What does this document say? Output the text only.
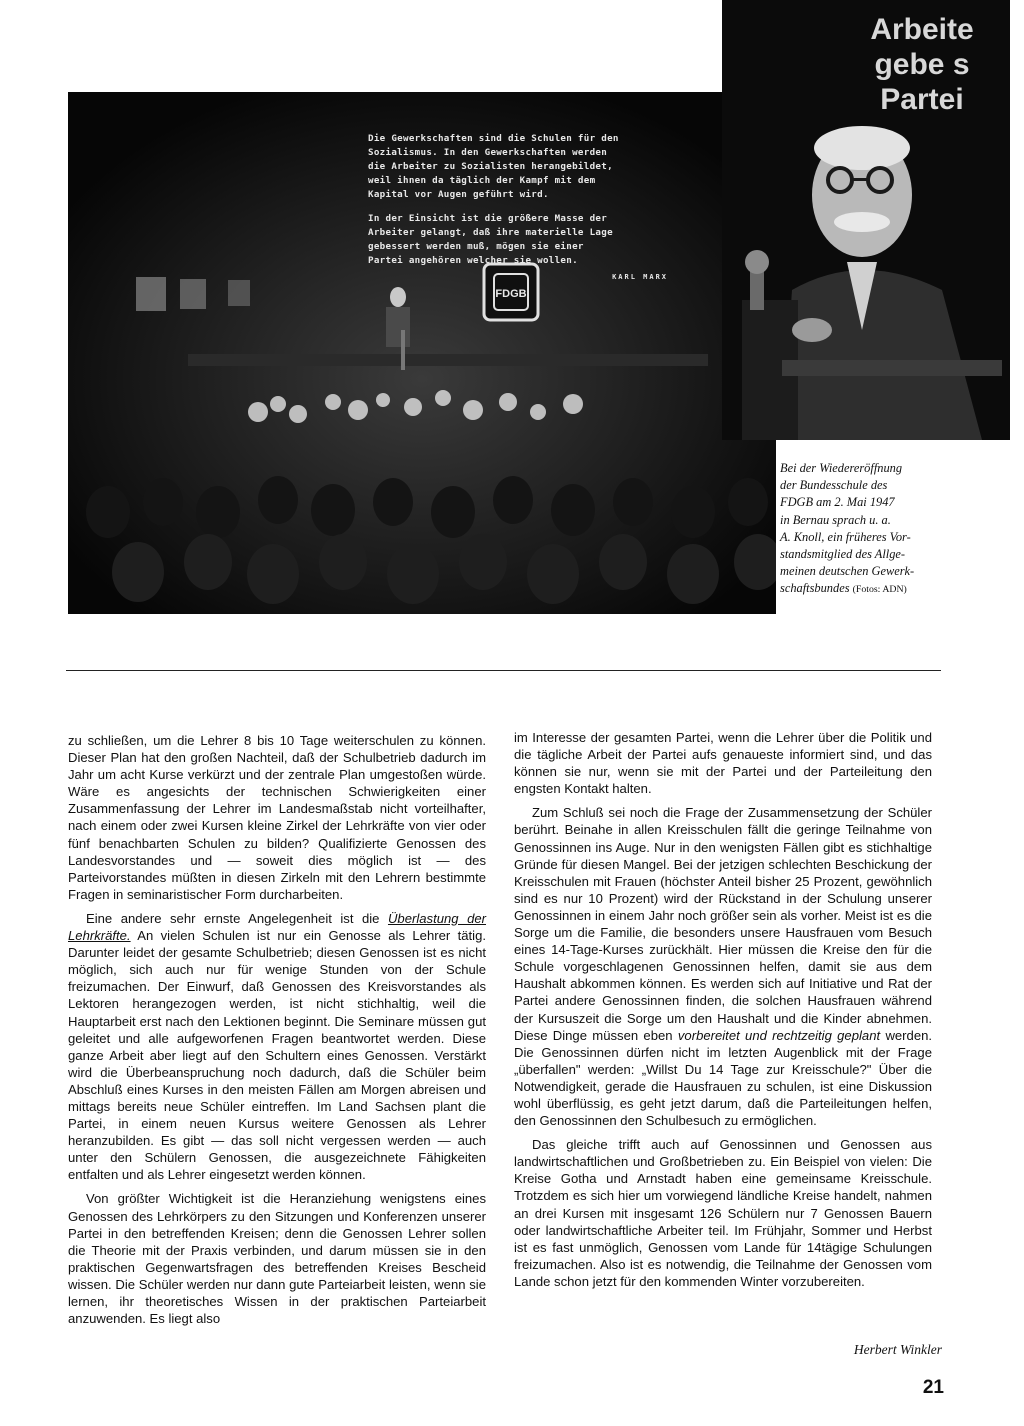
FDGB
Die Gewerkschaften sind die Schulen für den
Sozialismus. In den Gewerkschaften werden
die Arbeiter zu Sozialisten herangebildet,
weil ihnen da täglich der Kampf mit dem
Kapital vor Augen geführt wird.
In der Einsicht ist die größere Masse der
Arbeiter gelangt, daß ihre materielle Lage
gebessert werden muß, mögen sie einer
Partei angehören welcher sie wollen.
KARL MARX
Arbeite
gebe s
Partei
Bei der Wiedereröffnung
der Bundesschule des
FDGB am 2. Mai 1947
in Bernau sprach u. a.
A. Knoll, ein früheres Vor-
standsmitglied des Allge-
meinen deutschen Gewerk-
schaftsbundes (Fotos: ADN)

zu schließen, um die Lehrer 8 bis 10 Tage weiterschulen zu können. Dieser Plan hat den großen Nachteil, daß der Schulbetrieb dadurch im Jahr um acht Kurse verkürzt und der zentrale Plan umgestoßen würde. Wäre es angesichts der technischen Schwierigkeiten einer Zusammenfassung der Lehrer im Landesmaßstab nicht vorteilhafter, nach einem oder zwei Kursen kleine Zirkel der Lehrkräfte von vier oder fünf benachbarten Schulen zu bilden? Qualifizierte Genossen des Landesvorstandes und — soweit dies möglich ist — des Parteivorstandes müßten in diesen Zirkeln mit den Lehrern bestimmte Fragen in seminaristischer Form durcharbeiten.

Eine andere sehr ernste Angelegenheit ist die Überlastung der Lehrkräfte. An vielen Schulen ist nur ein Genosse als Lehrer tätig. Darunter leidet der gesamte Schulbetrieb; diesen Genossen ist es nicht möglich, sich auch nur für wenige Stunden von der Schule freizumachen. Der Einwurf, daß Genossen des Kreisvorstandes als Lektoren herangezogen werden, ist nicht stichhaltig, weil die Hauptarbeit erst nach den Lektionen beginnt. Die Seminare müssen gut geleitet und alle aufgeworfenen Fragen beantwortet werden. Diese ganze Arbeit aber liegt auf den Schultern eines Genossen. Verstärkt wird die Überbeanspruchung noch dadurch, daß die Schüler beim Abschluß eines Kurses in den meisten Fällen am Morgen abreisen und mittags bereits neue Schüler eintreffen. Im Land Sachsen plant die Partei, in einem neuen Kursus weitere Genossen als Lehrer heranzubilden. Es gibt — das soll nicht vergessen werden — auch unter den Schülern Genossen, die ausgezeichnete Fähigkeiten entfalten und als Lehrer eingesetzt werden können.

Von größter Wichtigkeit ist die Heranziehung wenigstens eines Genossen des Lehrkörpers zu den Sitzungen und Konferenzen unserer Partei in den betreffenden Kreisen; denn die Genossen Lehrer sollen die Theorie mit der Praxis verbinden, und darum müssen sie in den praktischen Gegenwartsfragen des betreffenden Kreises Bescheid wissen. Die Schüler werden nur dann gute Parteiarbeit leisten, wenn sie lernen, ihr theoretisches Wissen in der praktischen Parteiarbeit anzuwenden. Es liegt also

im Interesse der gesamten Partei, wenn die Lehrer über die Politik und die tägliche Arbeit der Partei aufs genaueste informiert sind, und das können sie nur, wenn sie mit der Partei und der Parteileitung den engsten Kontakt halten.

Zum Schluß sei noch die Frage der Zusammensetzung der Schüler berührt. Beinahe in allen Kreisschulen fällt die geringe Teilnahme von Genossinnen ins Auge. Nur in den wenigsten Fällen gibt es stichhaltige Gründe für diesen Mangel. Bei der jetzigen schlechten Beschickung der Kreisschulen mit Frauen (höchster Anteil bisher 25 Prozent, gewöhnlich sind es nur 10 Prozent) wird der Rückstand in der Schulung unserer Genossinnen in einem Jahr noch größer sein als vorher. Meist ist es die Sorge um die Familie, die besonders unsere Hausfrauen vom Besuch eines 14-Tage-Kurses zurückhält. Hier müssen die Kreise den für die Schule vorgeschlagenen Genossinnen helfen, damit sie aus dem Haushalt abkommen können. Es werden sich auf Initiative und Rat der Partei andere Genossinnen finden, die solchen Hausfrauen während der Kursuszeit die Sorge um den Haushalt und die Kinder abnehmen. Diese Dinge müssen eben vorbereitet und rechtzeitig geplant werden. Die Genossinnen dürfen nicht im letzten Augenblick mit der Frage „überfallen" werden: „Willst Du 14 Tage zur Kreisschule?" Über die Notwendigkeit, gerade die Hausfrauen zu schulen, ist eine Diskussion wohl überflüssig, es geht jetzt darum, daß die Parteileitungen helfen, den Genossinnen den Schulbesuch zu ermöglichen.

Das gleiche trifft auch auf Genossinnen und Genossen aus landwirtschaftlichen und Großbetrieben zu. Ein Beispiel von vielen: Die Kreise Gotha und Arnstadt haben eine gemeinsame Kreisschule. Trotzdem es sich hier um vorwiegend ländliche Kreise handelt, nahmen an drei Kursen mit insgesamt 126 Schülern nur 7 Genossen Bauern oder landwirtschaftliche Arbeiter teil. Im Frühjahr, Sommer und Herbst ist es fast unmöglich, Genossen vom Lande für 14tägige Schulungen freizumachen. Also ist es notwendig, die Teilnahme der Genossen vom Lande schon jetzt für den kommenden Winter vorzubereiten.

Herbert Winkler
21
